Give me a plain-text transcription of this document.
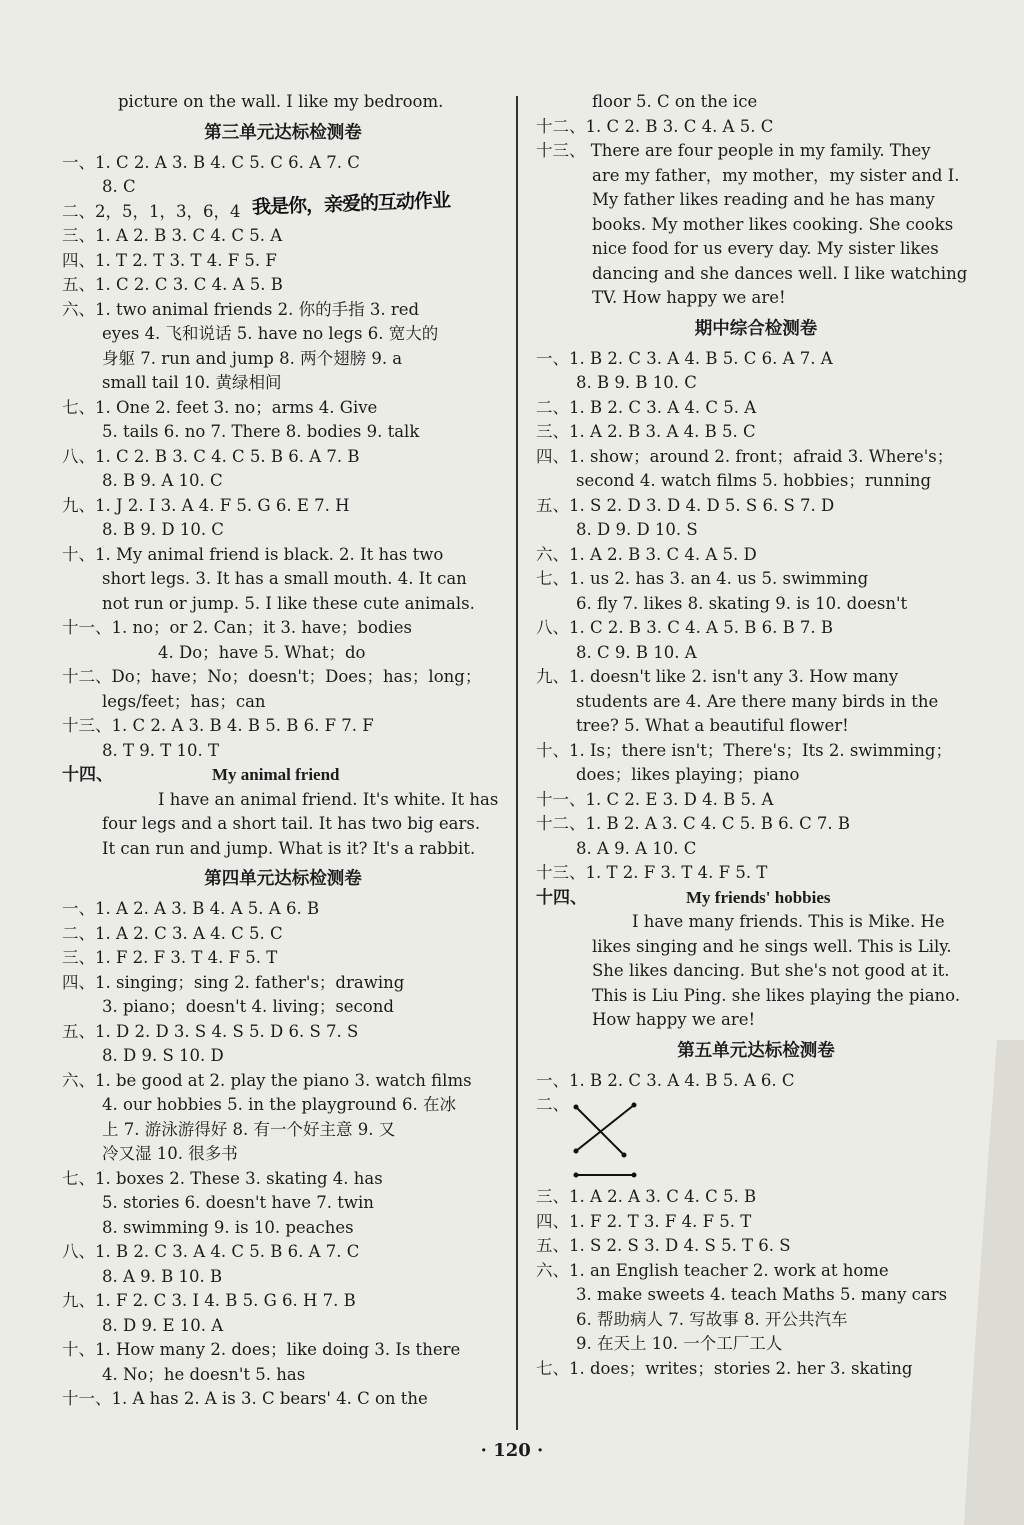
picture on the wall. I like my bedroom.
第三单元达标检测卷
一、1. C 2. A 3. B 4. C 5. C 6. A 7. C
8. C
二、2，5，1，3，6，4 我是你，亲爱的互动作业
三、1. A 2. B 3. C 4. C 5. A
四、1. T 2. T 3. T 4. F 5. F
五、1. C 2. C 3. C 4. A 5. B
六、1. two animal friends 2. 你的手指 3. red
eyes 4. 飞和说话 5. have no legs 6. 宽大的
身躯 7. run and jump 8. 两个翅膀 9. a
small tail 10. 黄绿相间
七、1. One 2. feet 3. no；arms 4. Give
5. tails 6. no 7. There 8. bodies 9. talk
八、1. C 2. B 3. C 4. C 5. B 6. A 7. B
8. B 9. A 10. C
九、1. J 2. I 3. A 4. F 5. G 6. E 7. H
8. B 9. D 10. C
十、1. My animal friend is black. 2. It has two
short legs. 3. It has a small mouth. 4. It can
not run or jump. 5. I like these cute animals.
十一、1. no；or 2. Can；it 3. have；bodies
4. Do；have 5. What；do
十二、Do；have；No；doesn't；Does；has；long；
legs/feet；has；can
十三、1. C 2. A 3. B 4. B 5. B 6. F 7. F
8. T 9. T 10. T
十四、	My animal friend
I have an animal friend. It's white. It has
four legs and a short tail. It has two big ears.
It can run and jump. What is it? It's a rabbit.
第四单元达标检测卷
一、1. A 2. A 3. B 4. A 5. A 6. B
二、1. A 2. C 3. A 4. C 5. C
三、1. F 2. F 3. T 4. F 5. T
四、1. singing；sing 2. father's；drawing
3. piano；doesn't 4. living；second
五、1. D 2. D 3. S 4. S 5. D 6. S 7. S
8. D 9. S 10. D
六、1. be good at 2. play the piano 3. watch films
4. our hobbies 5. in the playground 6. 在冰
上 7. 游泳游得好 8. 有一个好主意 9. 又
冷又湿 10. 很多书
七、1. boxes 2. These 3. skating 4. has
5. stories 6. doesn't have 7. twin
8. swimming 9. is 10. peaches
八、1. B 2. C 3. A 4. C 5. B 6. A 7. C
8. A 9. B 10. B
九、1. F 2. C 3. I 4. B 5. G 6. H 7. B
8. D 9. E 10. A
十、1. How many 2. does；like doing 3. Is there
4. No；he doesn't 5. has
十一、1. A has 2. A is 3. C bears' 4. C on the
floor 5. C on the ice
十二、1. C 2. B 3. C 4. A 5. C
十三、 There are four people in my family. They
are my father，my mother，my sister and I.
My father likes reading and he has many
books. My mother likes cooking. She cooks
nice food for us every day. My sister likes
dancing and she dances well. I like watching
TV. How happy we are!
期中综合检测卷
一、1. B 2. C 3. A 4. B 5. C 6. A 7. A
8. B 9. B 10. C
二、1. B 2. C 3. A 4. C 5. A
三、1. A 2. B 3. A 4. B 5. C
四、1. show；around 2. front；afraid 3. Where's；
second 4. watch films 5. hobbies；running
五、1. S 2. D 3. D 4. D 5. S 6. S 7. D
8. D 9. D 10. S
六、1. A 2. B 3. C 4. A 5. D
七、1. us 2. has 3. an 4. us 5. swimming
6. fly 7. likes 8. skating 9. is 10. doesn't
八、1. C 2. B 3. C 4. A 5. B 6. B 7. B
8. C 9. B 10. A
九、1. doesn't like 2. isn't any 3. How many
students are 4. Are there many birds in the
tree? 5. What a beautiful flower!
十、1. Is；there isn't；There's；Its 2. swimming；
does；likes playing；piano
十一、1. C 2. E 3. D 4. B 5. A
十二、1. B 2. A 3. C 4. C 5. B 6. C 7. B
8. A 9. A 10. C
十三、1. T 2. F 3. T 4. F 5. T
十四、	My friends' hobbies
I have many friends. This is Mike. He
likes singing and he sings well. This is Lily.
She likes dancing. But she's not good at it.
This is Liu Ping. she likes playing the piano.
How happy we are!
第五单元达标检测卷
一、1. B 2. C 3. A 4. B 5. A 6. C
二、
三、1. A 2. A 3. C 4. C 5. B
四、1. F 2. T 3. F 4. F 5. T
五、1. S 2. S 3. D 4. S 5. T 6. S
六、1. an English teacher 2. work at home
3. make sweets 4. teach Maths 5. many cars
6. 帮助病人 7. 写故事 8. 开公共汽车
9. 在天上 10. 一个工厂工人
七、1. does；writes；stories 2. her 3. skating
· 120 ·
